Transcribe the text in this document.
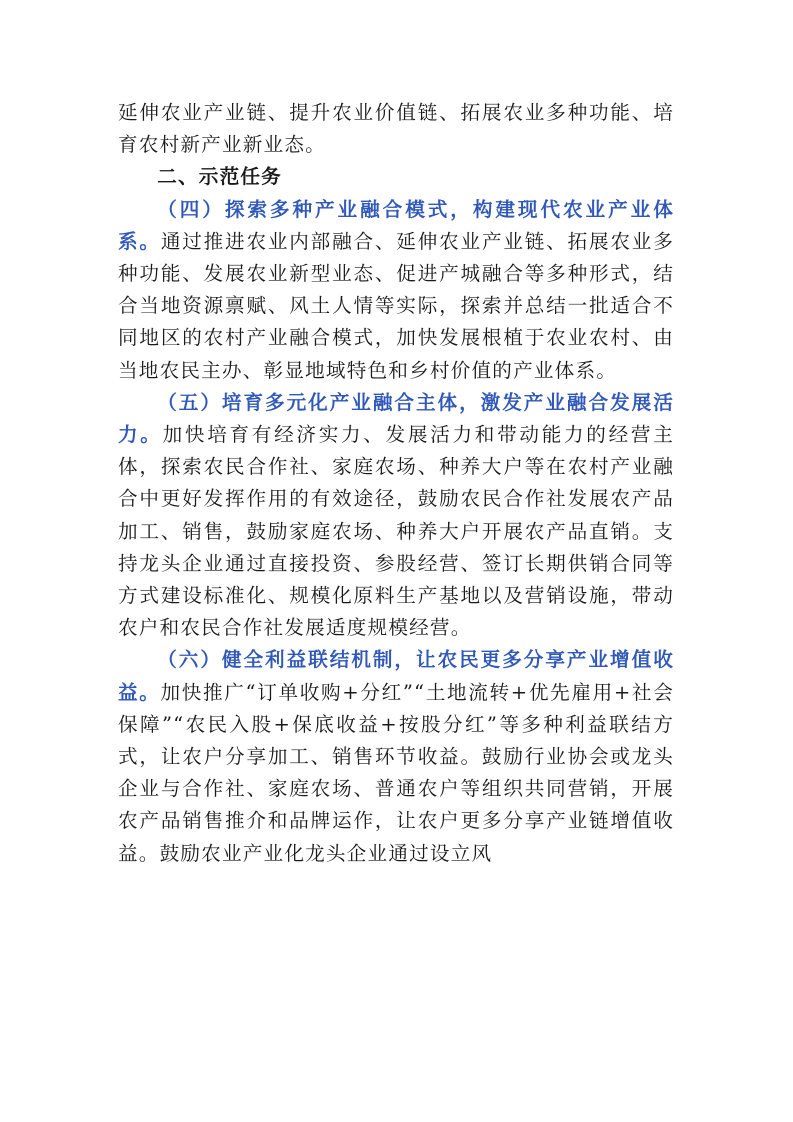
延伸农业产业链、提升农业价值链、拓展农业多种功能、培育农村新产业新业态。

二、示范任务

（四）探索多种产业融合模式，构建现代农业产业体系。通过推进农业内部融合、延伸农业产业链、拓展农业多种功能、发展农业新型业态、促进产城融合等多种形式，结合当地资源禀赋、风土人情等实际，探索并总结一批适合不同地区的农村产业融合模式，加快发展根植于农业农村、由当地农民主办、彰显地域特色和乡村价值的产业体系。

（五）培育多元化产业融合主体，激发产业融合发展活力。加快培育有经济实力、发展活力和带动能力的经营主体，探索农民合作社、家庭农场、种养大户等在农村产业融合中更好发挥作用的有效途径，鼓励农民合作社发展农产品加工、销售，鼓励家庭农场、种养大户开展农产品直销。支持龙头企业通过直接投资、参股经营、签订长期供销合同等方式建设标准化、规模化原料生产基地以及营销设施，带动农户和农民合作社发展适度规模经营。

（六）健全利益联结机制，让农民更多分享产业增值收益。加快推广“订单收购+分红”“土地流转+优先雇用+社会保障”“农民入股+保底收益+按股分红”等多种利益联结方式，让农户分享加工、销售环节收益。鼓励行业协会或龙头企业与合作社、家庭农场、普通农户等组织共同营销，开展农产品销售推介和品牌运作，让农户更多分享产业链增值收益。鼓励农业产业化龙头企业通过设立风
